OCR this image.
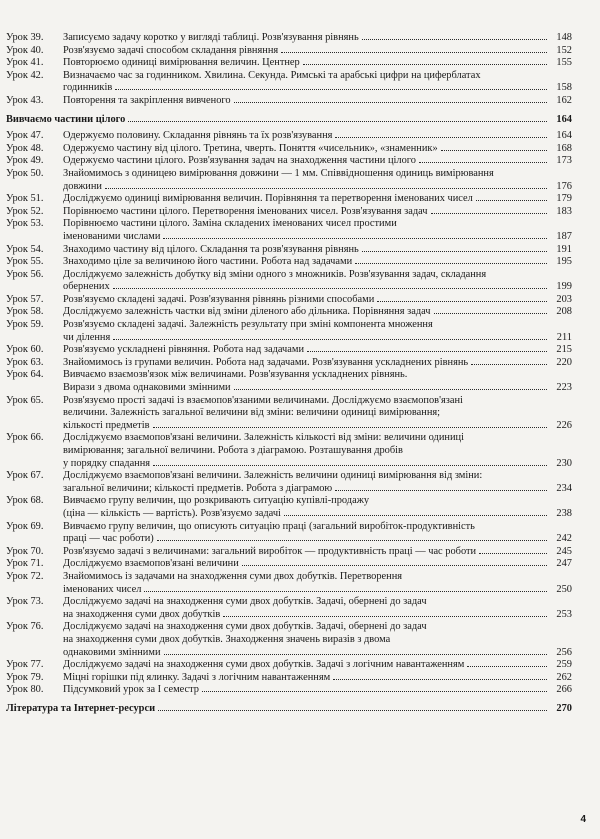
Урок 39.	Записуємо задачу коротко у вигляді таблиці. Розв'язування рівнянь	148
Урок 40.	Розв'язуємо задачі способом складання рівняння	152
Урок 41.	Повторюємо одиниці вимірювання величин. Центнер	155
Урок 42.	Визначаємо час за годинником. Хвилина. Секунда. Римські та арабські цифри на циферблатах
годинників	158
Урок 43.	Повторення та закріплення вивченого	162
Вивчаємо частини цілого	164
Урок 47.	Одержуємо половину. Складання рівнянь та їх розв'язування	164
Урок 48.	Одержуємо частину від цілого. Третина, чверть. Поняття «чисельник», «знаменник»	168
Урок 49.	Одержуємо частини цілого. Розв'язування задач на знаходження частини цілого	173
Урок 50.	Знайомимось з одиницею вимірювання довжини — 1 мм. Співвідношення одиниць вимірювання
довжини	176
Урок 51.	Досліджуємо одиниці вимірювання величин. Порівняння та перетворення іменованих чисел	179
Урок 52.	Порівнюємо частини цілого. Перетворення іменованих чисел. Розв'язування задач	183
Урок 53.	Порівнюємо частини цілого. Заміна складених іменованих чисел простими
іменованими числами	187
Урок 54.	Знаходимо частину від цілого. Складання та розв'язування рівнянь	191
Урок 55.	Знаходимо ціле за величиною його частини. Робота над задачами	195
Урок 56.	Досліджуємо залежність добутку від зміни одного з множників. Розв'язування задач, складання
обернених	199
Урок 57.	Розв'язуємо складені задачі. Розв'язування рівнянь різними способами	203
Урок 58.	Досліджуємо залежність частки від зміни діленого або дільника. Порівняння задач	208
Урок 59.	Розв'язуємо складені задачі. Залежність результату при зміні компонента множення
чи ділення	211
Урок 60.	Розв'язуємо ускладнені рівняння. Робота над задачами	215
Урок 63.	Знайомимось із групами величин. Робота над задачами. Розв'язування ускладнених рівнянь	220
Урок 64.	Вивчаємо взаємозв'язок між величинами. Розв'язування ускладнених рівнянь.
Вирази з двома однаковими змінними	223
Урок 65.	Розв'язуємо прості задачі із взаємопов'язаними величинами. Досліджуємо взаємопов'язані
величини. Залежність загальної величини від зміни: величини одиниці вимірювання;
кількості предметів	226
Урок 66.	Досліджуємо взаємопов'язані величини. Залежність кількості від зміни: величини одиниці
вимірювання; загальної величини. Робота з діаграмою. Розташування дробів
у порядку спадання	230
Урок 67.	Досліджуємо взаємопов'язані величини. Залежність величини одиниці вимірювання від зміни:
загальної величини; кількості предметів. Робота з діаграмою	234
Урок 68.	Вивчаємо групу величин, що розкривають ситуацію купівлі-продажу
(ціна — кількість — вартість). Розв'язуємо задачі	238
Урок 69.	Вивчаємо групу величин, що описують ситуацію праці (загальний виробіток-продуктивність
праці — час роботи)	242
Урок 70.	Розв'язуємо задачі з величинами: загальний виробіток — продуктивність праці — час роботи	245
Урок 71.	Досліджуємо взаємопов'язані величини	247
Урок 72.	Знайомимось із задачами на знаходження суми двох добутків. Перетворення
іменованих чисел	250
Урок 73.	Досліджуємо задачі на знаходження суми двох добутків. Задачі, обернені до задач
на знаходження суми двох добутків	253
Урок 76.	Досліджуємо задачі на знаходження суми двох добутків. Задачі, обернені до задач
на знаходження суми двох добутків. Знаходження значень виразів з двома
однаковими змінними	256
Урок 77.	Досліджуємо задачі на знаходження суми двох добутків. Задачі з логічним навантаженням	259
Урок 79.	Міцні горішки під ялинку. Задачі з логічним навантаженням	262
Урок 80.	Підсумковий урок за І семестр	266
Література та Інтернет-ресурси	270
4
